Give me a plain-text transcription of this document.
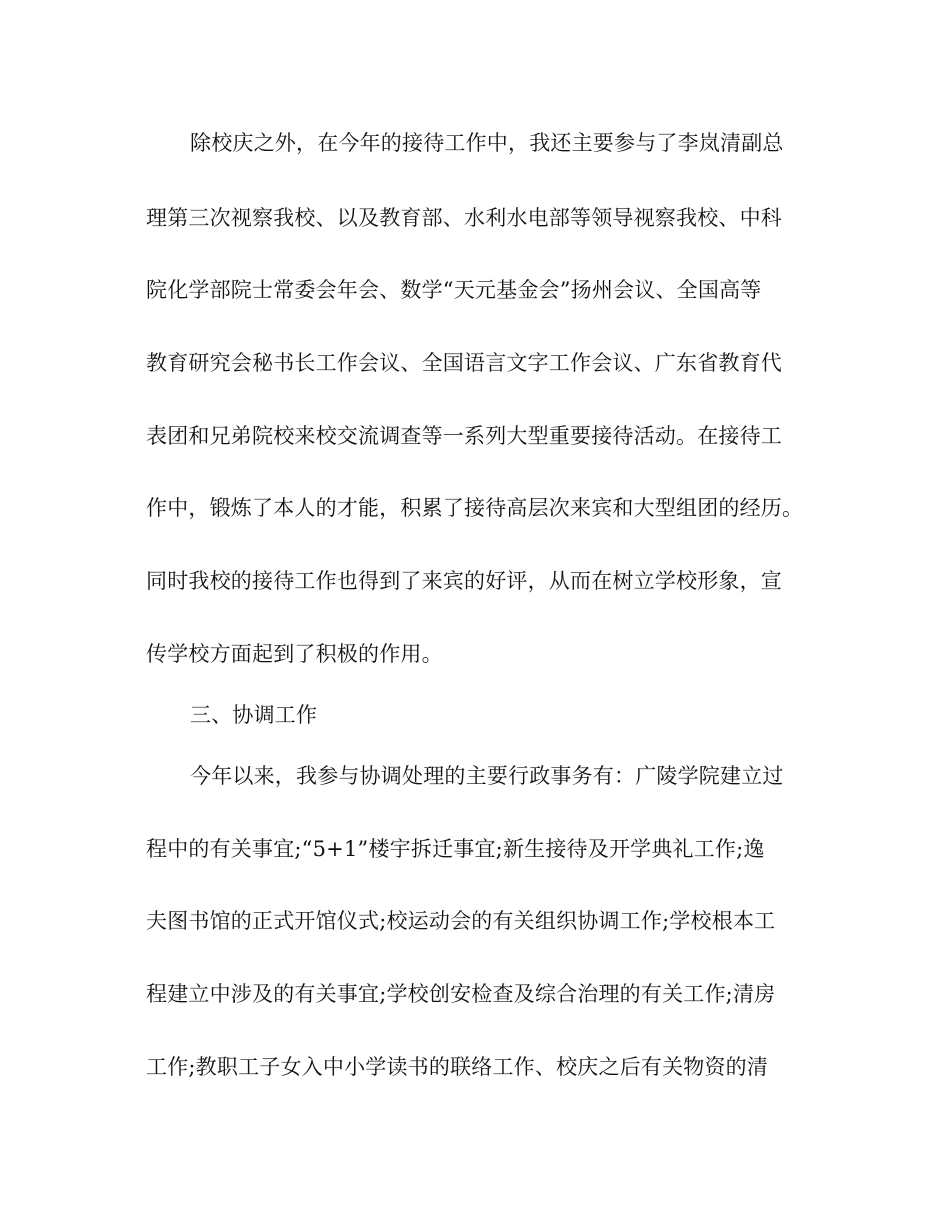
除校庆之外，在今年的接待工作中，我还主要参与了李岚清副总
理第三次视察我校、以及教育部、水利水电部等领导视察我校、中科
院化学部院士常委会年会、数学“天元基金会”扬州会议、全国高等
教育研究会秘书长工作会议、全国语言文字工作会议、广东省教育代
表团和兄弟院校来校交流调查等一系列大型重要接待活动。在接待工
作中，锻炼了本人的才能，积累了接待高层次来宾和大型组团的经历。
同时我校的接待工作也得到了来宾的好评，从而在树立学校形象，宣
传学校方面起到了积极的作用。
三、协调工作
今年以来，我参与协调处理的主要行政事务有：广陵学院建立过
程中的有关事宜;“5+1”楼宇拆迁事宜;新生接待及开学典礼工作;逸
夫图书馆的正式开馆仪式;校运动会的有关组织协调工作;学校根本工
程建立中涉及的有关事宜;学校创安检查及综合治理的有关工作;清房
工作;教职工子女入中小学读书的联络工作、校庆之后有关物资的清
